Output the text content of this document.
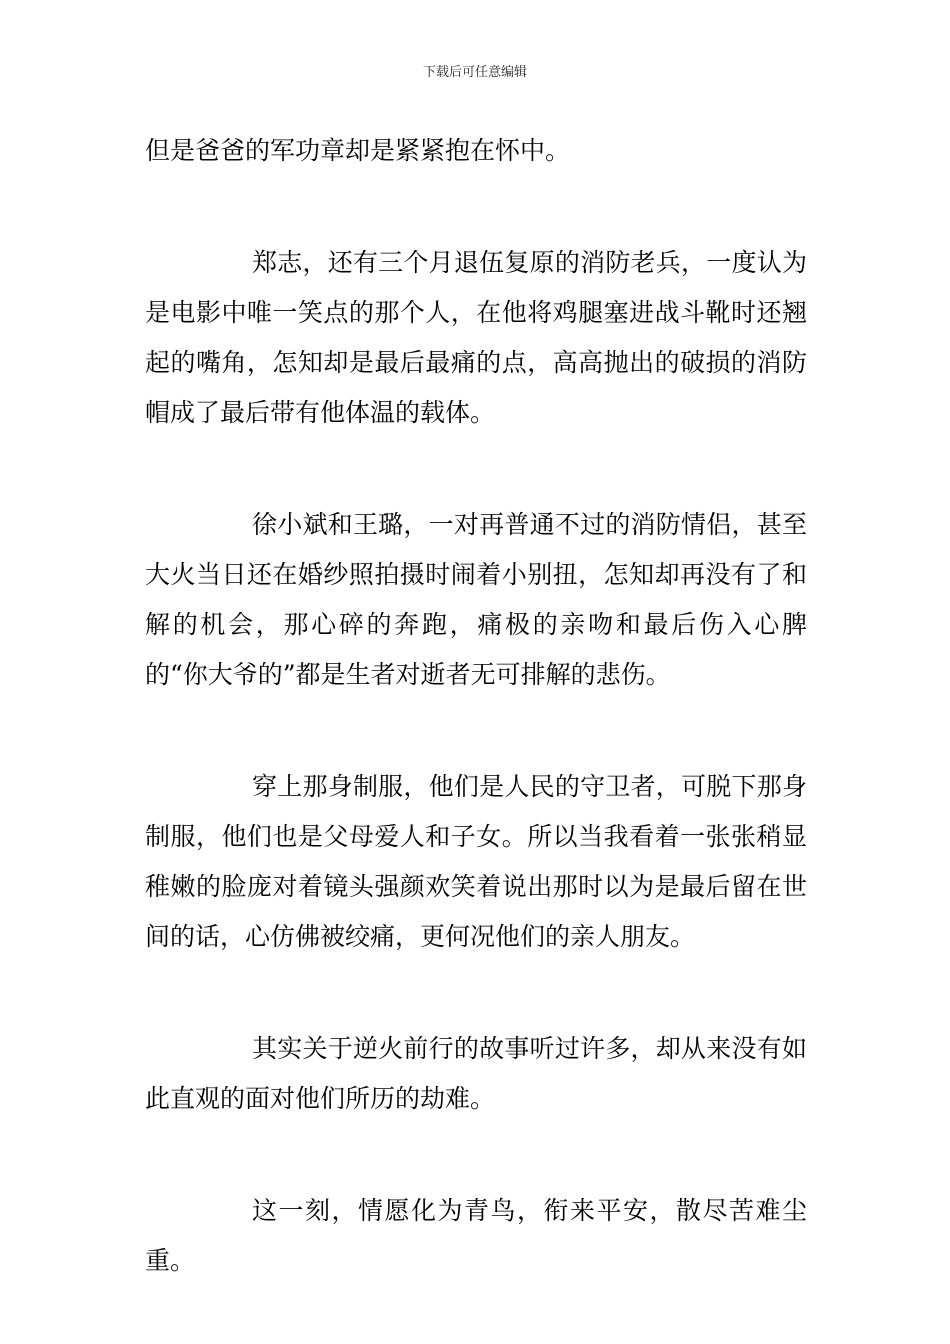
下载后可任意编辑

但是爸爸的军功章却是紧紧抱在怀中。

郑志，还有三个月退伍复原的消防老兵，一度认为是电影中唯一笑点的那个人，在他将鸡腿塞进战斗靴时还翘起的嘴角，怎知却是最后最痛的点，高高抛出的破损的消防帽成了最后带有他体温的载体。

徐小斌和王璐，一对再普通不过的消防情侣，甚至大火当日还在婚纱照拍摄时闹着小别扭，怎知却再没有了和解的机会，那心碎的奔跑，痛极的亲吻和最后伤入心脾的“你大爷的”都是生者对逝者无可排解的悲伤。

穿上那身制服，他们是人民的守卫者，可脱下那身制服，他们也是父母爱人和子女。所以当我看着一张张稍显稚嫩的脸庞对着镜头强颜欢笑着说出那时以为是最后留在世间的话，心仿佛被绞痛，更何况他们的亲人朋友。

其实关于逆火前行的故事听过许多，却从来没有如此直观的面对他们所历的劫难。

这一刻，情愿化为青鸟，衔来平安，散尽苦难尘重。
